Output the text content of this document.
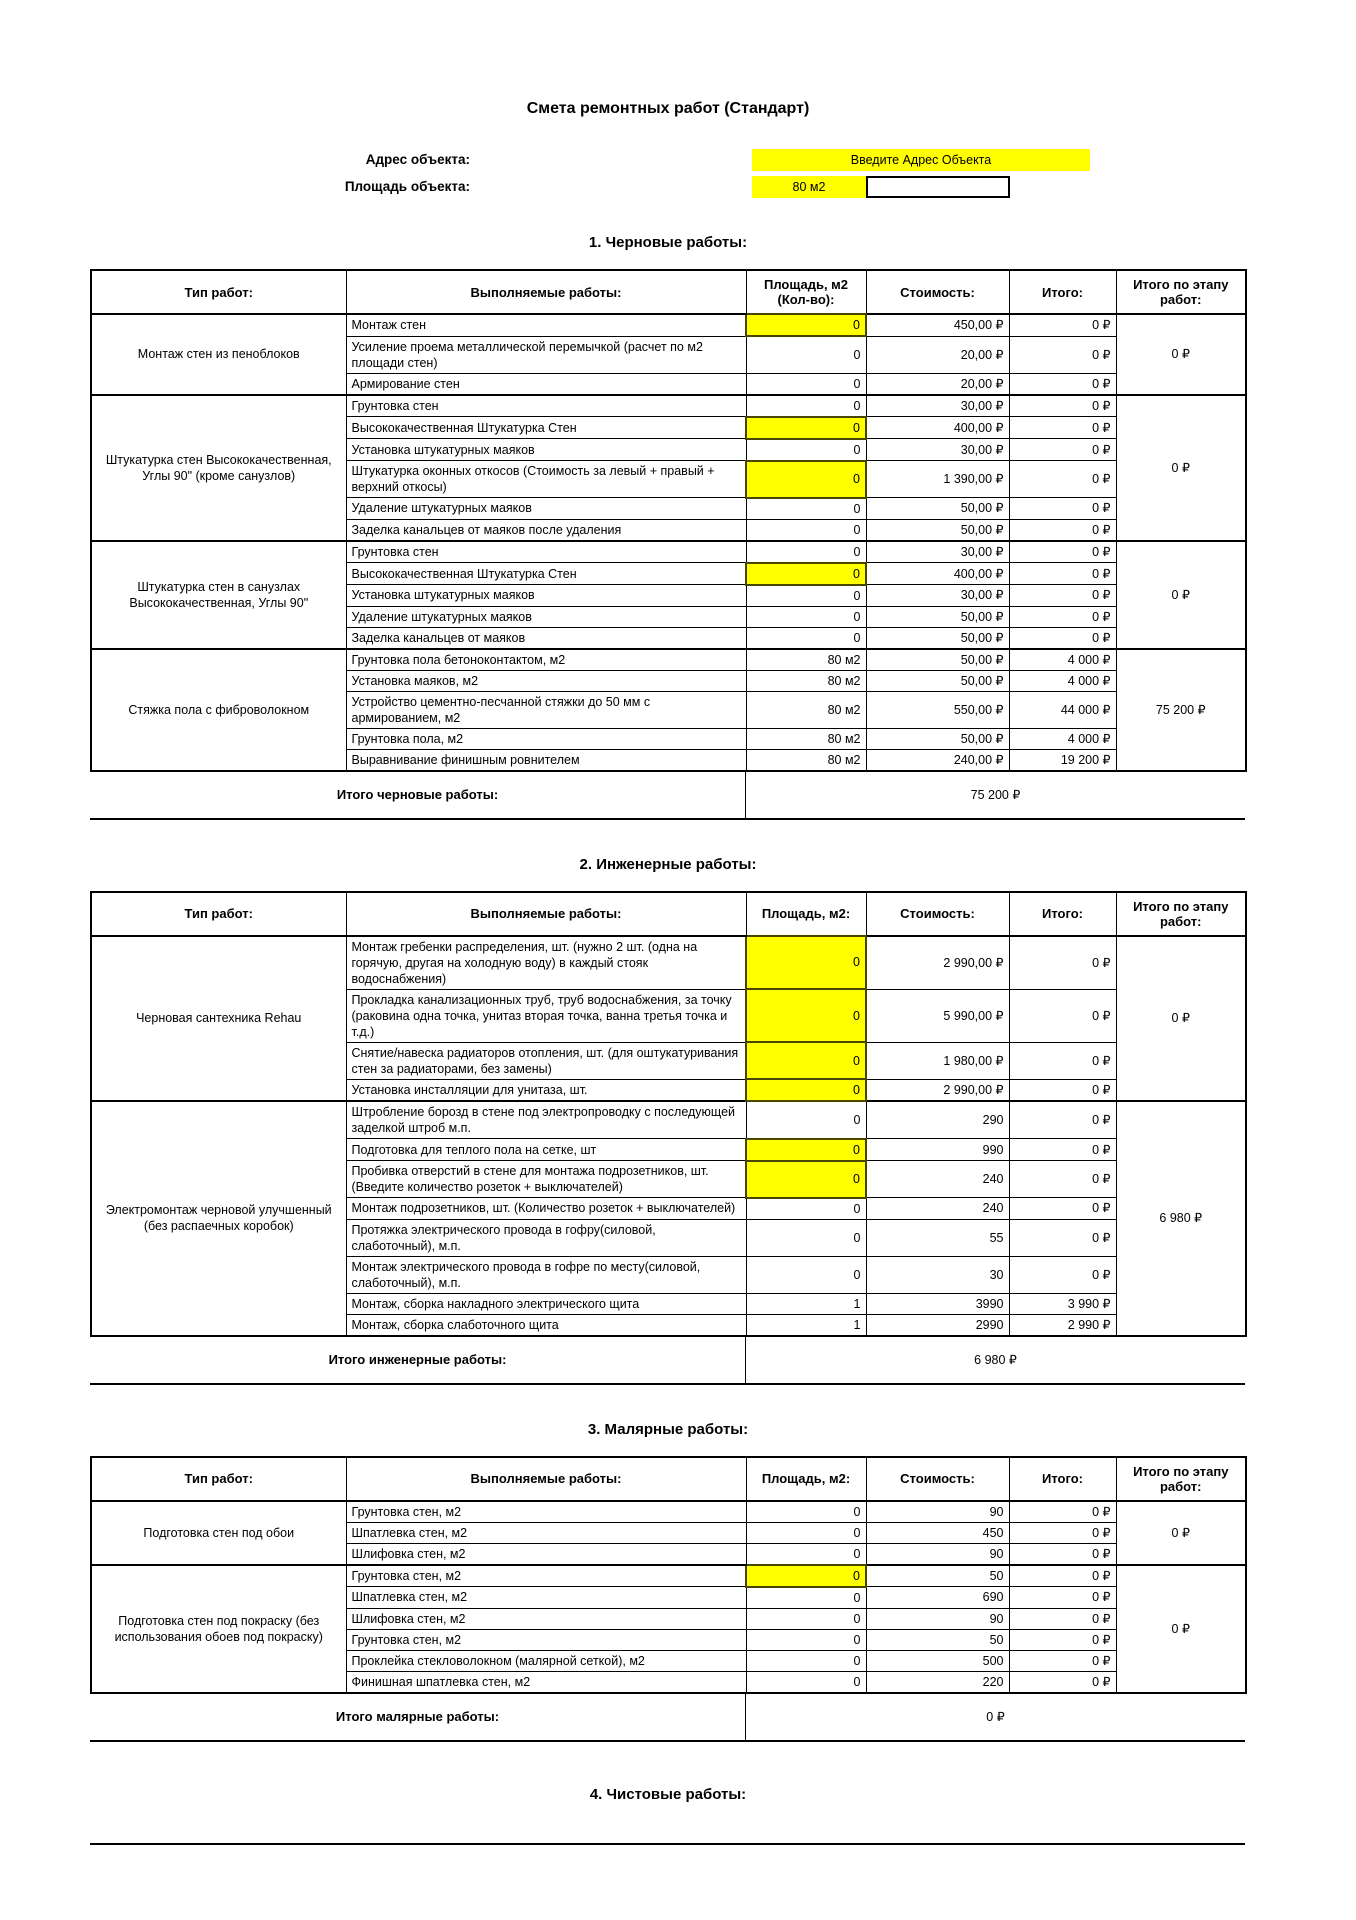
Смета ремонтных работ (Стандарт)
Адрес объекта:	Введите Адрес Объекта
Площадь объекта:	80 м2
1. Черновые работы:
Тип работ:	Выполняемые работы:	Площадь, м2 (Кол-во):	Стоимость:	Итого:	Итого по этапу работ:
Монтаж стен из пеноблоков	Монтаж стен	0	450,00 ₽	0 ₽	0 ₽
	Усиление проема металлической перемычкой (расчет по м2 площади стен)	0	20,00 ₽	0 ₽	
	Армирование стен	0	20,00 ₽	0 ₽	
Штукатурка стен Высококачественная, Углы 90" (кроме санузлов)	Грунтовка стен	0	30,00 ₽	0 ₽	0 ₽
	Высококачественная Штукатурка Стен	0	400,00 ₽	0 ₽	
	Установка штукатурных маяков	0	30,00 ₽	0 ₽	
	Штукатурка оконных откосов (Стоимость за левый + правый + верхний откосы)	0	1 390,00 ₽	0 ₽	
	Удаление штукатурных маяков	0	50,00 ₽	0 ₽	
	Заделка канальцев от маяков после удаления	0	50,00 ₽	0 ₽	
Штукатурка стен в санузлах Высококачественная, Углы 90"	Грунтовка стен	0	30,00 ₽	0 ₽	0 ₽
	Высококачественная Штукатурка Стен	0	400,00 ₽	0 ₽	
	Установка штукатурных маяков	0	30,00 ₽	0 ₽	
	Удаление штукатурных маяков	0	50,00 ₽	0 ₽	
	Заделка канальцев от маяков	0	50,00 ₽	0 ₽	
Стяжка пола с фиброволокном	Грунтовка пола бетоноконтактом, м2	80 м2	50,00 ₽	4 000 ₽	75 200 ₽
	Установка маяков, м2	80 м2	50,00 ₽	4 000 ₽	
	Устройство цементно-песчанной стяжки до 50 мм с армированием, м2	80 м2	550,00 ₽	44 000 ₽	
	Грунтовка пола, м2	80 м2	50,00 ₽	4 000 ₽	
	Выравнивание финишным ровнителем	80 м2	240,00 ₽	19 200 ₽	
Итого черновые работы:	75 200 ₽
2. Инженерные работы:
Тип работ:	Выполняемые работы:	Площадь, м2:	Стоимость:	Итого:	Итого по этапу работ:
Черновая сантехника Rehau	Монтаж гребенки распределения, шт. (нужно 2 шт. (одна на горячую, другая на холодную воду) в каждый стояк водоснабжения)	0	2 990,00 ₽	0 ₽	0 ₽
	Прокладка канализационных труб, труб водоснабжения, за точку (раковина одна точка, унитаз вторая точка, ванна третья точка и т.д.)	0	5 990,00 ₽	0 ₽	
	Снятие/навеска радиаторов отопления, шт. (для оштукатуривания стен за радиаторами, без замены)	0	1 980,00 ₽	0 ₽	
	Установка инсталляции для унитаза, шт.	0	2 990,00 ₽	0 ₽	
Электромонтаж черновой улучшенный (без распаечных коробок)	Штробление борозд в стене под электропроводку с последующей заделкой штроб м.п.	0	290	0 ₽	6 980 ₽
	Подготовка для теплого пола на сетке, шт	0	990	0 ₽	
	Пробивка отверстий в стене для монтажа подрозетников, шт. (Введите количество розеток + выключателей)	0	240	0 ₽	
	Монтаж подрозетников, шт. (Количество розеток + выключателей)	0	240	0 ₽	
	Протяжка электрического провода в гофру(силовой, слаботочный), м.п.	0	55	0 ₽	
	Монтаж электрического провода в гофре по месту(силовой, слаботочный), м.п.	0	30	0 ₽	
	Монтаж, сборка накладного электрического щита	1	3990	3 990 ₽	
	Монтаж, сборка слаботочного щита	1	2990	2 990 ₽	
Итого инженерные работы:	6 980 ₽
3. Малярные работы:
Тип работ:	Выполняемые работы:	Площадь, м2:	Стоимость:	Итого:	Итого по этапу работ:
Подготовка стен под обои	Грунтовка стен, м2	0	90	0 ₽	0 ₽
	Шпатлевка стен, м2	0	450	0 ₽	
	Шлифовка стен, м2	0	90	0 ₽	
Подготовка стен под покраску (без использования обоев под покраску)	Грунтовка стен, м2	0	50	0 ₽	0 ₽
	Шпатлевка стен, м2	0	690	0 ₽	
	Шлифовка стен, м2	0	90	0 ₽	
	Грунтовка стен, м2	0	50	0 ₽	
	Проклейка стекловолокном (малярной сеткой), м2	0	500	0 ₽	
	Финишная шпатлевка стен, м2	0	220	0 ₽	
Итого малярные работы:	0 ₽
4. Чистовые работы:
